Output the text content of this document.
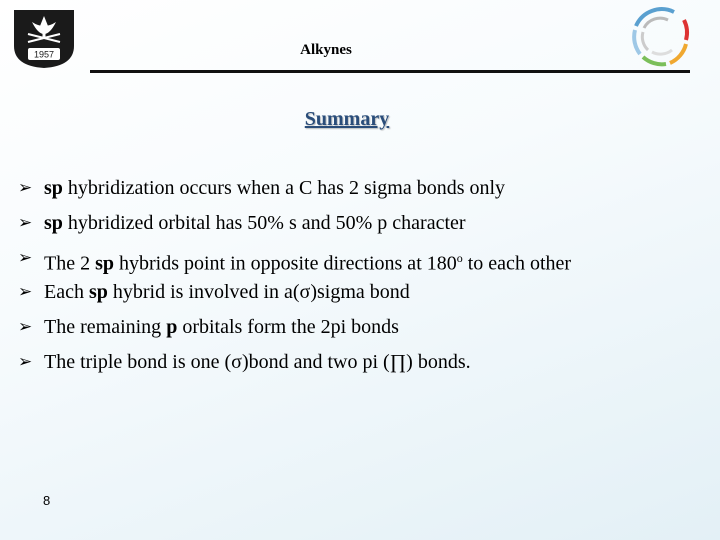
1957	Alkynes
Summary
➢ sp hybridization occurs when a C has 2 sigma bonds only
➢ sp hybridized orbital has 50% s and 50% p character
➢ The 2 sp hybrids point in opposite directions at 180$^o$ to each other
➢ Each sp hybrid is involved in a(σ)sigma bond
➢ The remaining p orbitals form the 2pi bonds
➢ The triple bond is one (σ)bond and two pi (∏) bonds.
8
